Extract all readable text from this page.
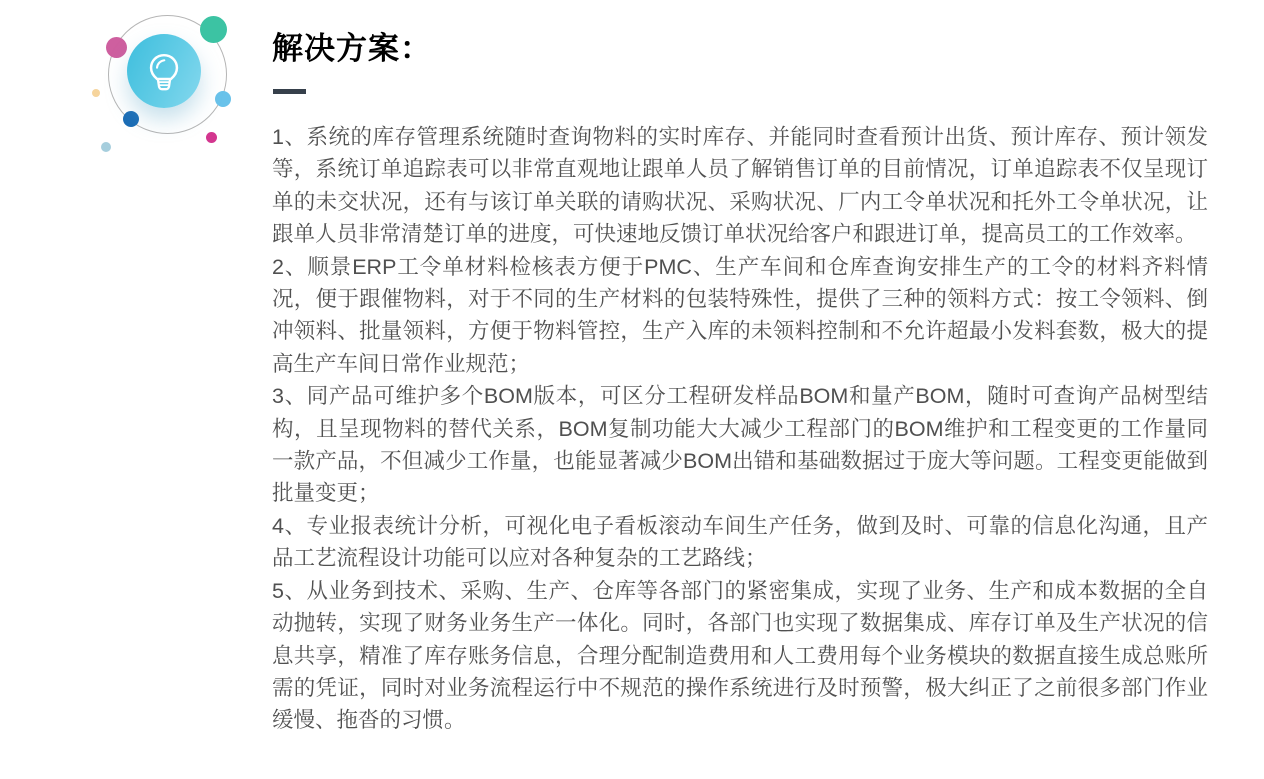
解决方案：

1、系统的库存管理系统随时查询物料的实时库存、并能同时查看预计出货、预计库存、预计领发等，系统订单追踪表可以非常直观地让跟单人员了解销售订单的目前情况，订单追踪表不仅呈现订单的未交状况，还有与该订单关联的请购状况、采购状况、厂内工令单状况和托外工令单状况，让跟单人员非常清楚订单的进度，可快速地反馈订单状况给客户和跟进订单，提高员工的工作效率。

2、顺景ERP工令单材料检核表方便于PMC、生产车间和仓库查询安排生产的工令的材料齐料情况，便于跟催物料，对于不同的生产材料的包装特殊性，提供了三种的领料方式：按工令领料、倒冲领料、批量领料，方便于物料管控，生产入库的未领料控制和不允许超最小发料套数，极大的提高生产车间日常作业规范；

3、同产品可维护多个BOM版本，可区分工程研发样品BOM和量产BOM，随时可查询产品树型结构，且呈现物料的替代关系，BOM复制功能大大减少工程部门的BOM维护和工程变更的工作量同一款产品，不但减少工作量，也能显著减少BOM出错和基础数据过于庞大等问题。工程变更能做到批量变更；

4、专业报表统计分析，可视化电子看板滚动车间生产任务，做到及时、可靠的信息化沟通，且产品工艺流程设计功能可以应对各种复杂的工艺路线；

5、从业务到技术、采购、生产、仓库等各部门的紧密集成，实现了业务、生产和成本数据的全自动抛转，实现了财务业务生产一体化。同时，各部门也实现了数据集成、库存订单及生产状况的信息共享，精准了库存账务信息，合理分配制造费用和人工费用每个业务模块的数据直接生成总账所需的凭证，同时对业务流程运行中不规范的操作系统进行及时预警，极大纠正了之前很多部门作业缓慢、拖沓的习惯。
